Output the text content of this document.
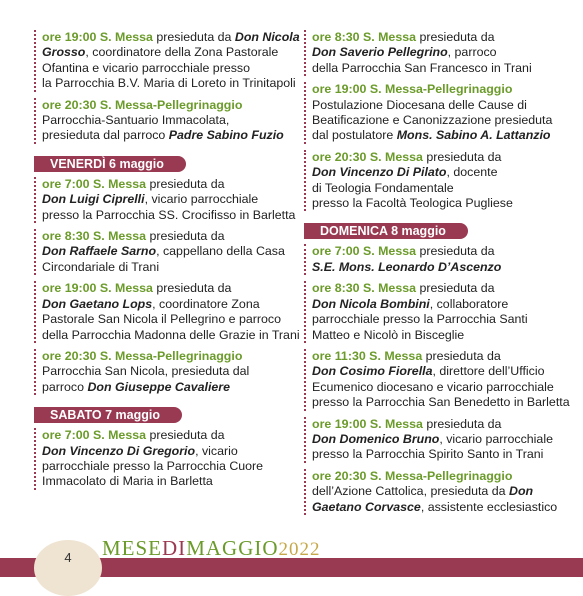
ore 19:00 S. Messa presieduta da Don Nicola
Grosso, coordinatore della Zona Pastorale
Ofantina e vicario parrocchiale presso
la Parrocchia B.V. Maria di Loreto in Trinitapoli
ore 20:30 S. Messa-Pellegrinaggio
Parrocchia-Santuario Immacolata,
presieduta dal parroco Padre Sabino Fuzio
VENERDÌ 6 maggio
ore 7:00 S. Messa presieduta da
Don Luigi Ciprelli, vicario parrocchiale
presso la Parrocchia SS. Crocifisso in Barletta
ore 8:30 S. Messa presieduta da
Don Raffaele Sarno, cappellano della Casa
Circondariale di Trani
ore 19:00 S. Messa presieduta da
Don Gaetano Lops, coordinatore Zona
Pastorale San Nicola il Pellegrino e parroco
della Parrocchia Madonna delle Grazie in Trani
ore 20:30 S. Messa-Pellegrinaggio
Parrocchia San Nicola, presieduta dal
parroco Don Giuseppe Cavaliere
SABATO 7 maggio
ore 7:00 S. Messa presieduta da
Don Vincenzo Di Gregorio, vicario
parrocchiale presso la Parrocchia Cuore
Immacolato di Maria in Barletta
ore 8:30 S. Messa presieduta da
Don Saverio Pellegrino, parroco
della Parrocchia San Francesco in Trani
ore 19:00 S. Messa-Pellegrinaggio
Postulazione Diocesana delle Cause di
Beatificazione e Canonizzazione presieduta
dal postulatore Mons. Sabino A. Lattanzio
ore 20:30 S. Messa presieduta da
Don Vincenzo Di Pilato, docente
di Teologia Fondamentale
presso la Facoltà Teologica Pugliese
DOMENICA 8 maggio
ore 7:00 S. Messa presieduta da
S.E. Mons. Leonardo D’Ascenzo
ore 8:30 S. Messa presieduta da
Don Nicola Bombini, collaboratore
parrocchiale presso la Parrocchia Santi
Matteo e Nicolò in Bisceglie
ore 11:30 S. Messa presieduta da
Don Cosimo Fiorella, direttore dell’Ufficio
Ecumenico diocesano e vicario parrocchiale
presso la Parrocchia San Benedetto in Barletta
ore 19:00 S. Messa presieduta da
Don Domenico Bruno, vicario parrocchiale
presso la Parrocchia Spirito Santo in Trani
ore 20:30 S. Messa-Pellegrinaggio
dell’Azione Cattolica, presieduta da Don
Gaetano Corvasce, assistente ecclesiastico
4	MESEDIMAGGIO2022
